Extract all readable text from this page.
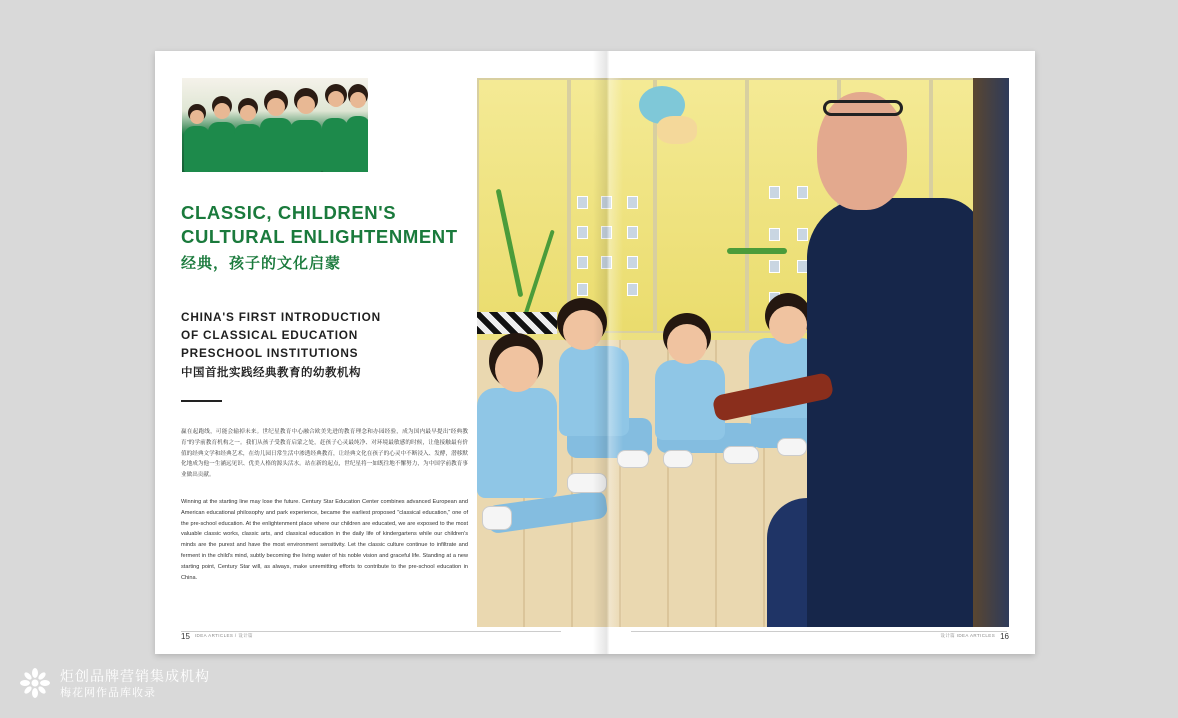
CLASSIC, CHILDREN'S
CULTURAL ENLIGHTENMENT
经典，孩子的文化启蒙
CHINA'S FIRST INTRODUCTION
OF CLASSICAL EDUCATION
PRESCHOOL INSTITUTIONS
中国首批实践经典教育的幼教机构

赢在起跑线，可能会输掉未来。世纪星教育中心融合欧美先进的教育理念和办园经验，成为国内最早提出“经典教育”的学前教育机构之一。我们从孩子受教育启蒙之处，赶孩子心灵最纯净、对环境最敏感的时候，让他接触最有价值的经典文学和经典艺术，在幼儿园日常生活中渗透经典教育，让经典文化在孩子的心灵中不断浸入、发酵，潜移默化地成为他一生涵远见识、优美人格的源头活水。站在新的起点，世纪星将一如既往地不懈努力，为中国学前教育事业做出贡献。

Winning at the starting line may lose the future. Century Star Education Center combines advanced European and American educational philosophy and park experience, became the earliest proposed "classical education," one of the pre-school education. At the enlightenment place where our children are educated, we are exposed to the most valuable classic works, classic arts, and classical education in the daily life of kindergartens while our children's minds are the purest and have the most environment sensitivity. Let the classic culture continue to infiltrate and ferment in the child's mind, subtly becoming the living water of his noble vision and graceful life. Standing at a new starting point, Century Star will, as always, make unremitting efforts to contribute to the pre-school education in China.

15 IDEA ARTICLES / 设计篇	设计篇 IDEA ARTICLES 16
炬创品牌营销集成机构
梅花网作品库收录
